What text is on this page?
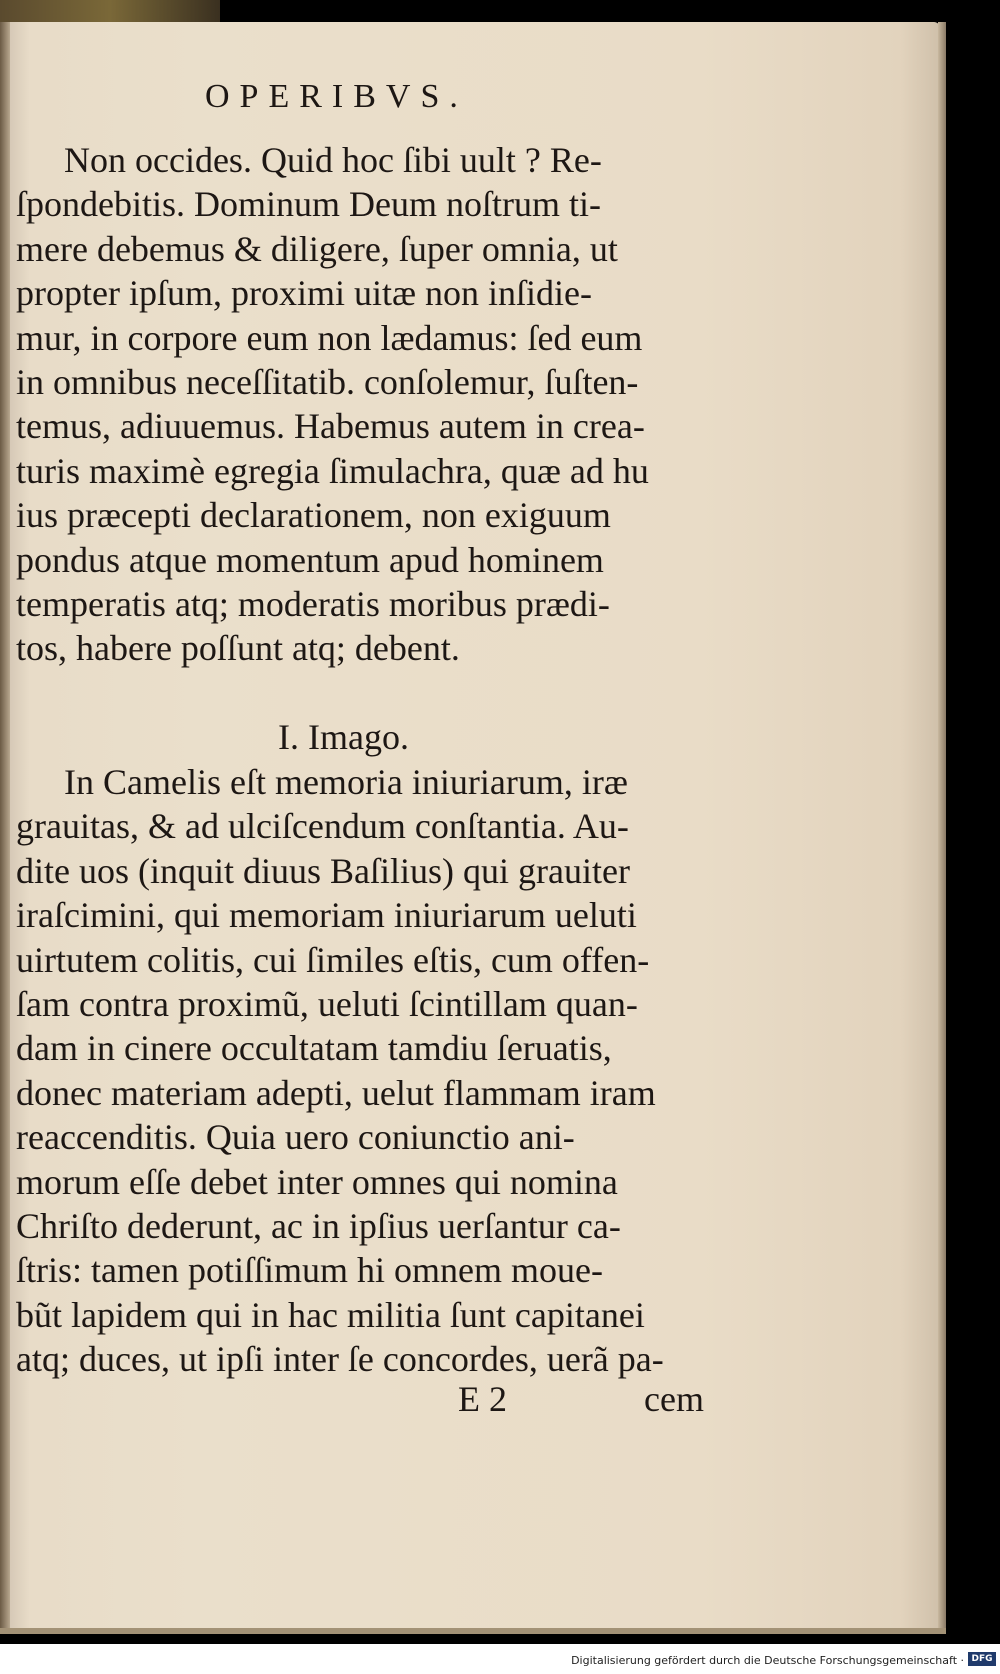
OPERIBVS.
Non occides. Quid hoc ſibi uult ? Re-
ſpondebitis. Dominum Deum noſtrum ti-
mere debemus & diligere, ſuper omnia, ut
propter ipſum, proximi uitæ non inſidie-
mur, in corpore eum non lædamus: ſed eum
in omnibus neceſſitatib. conſolemur, ſuſten-
temus, adiuuemus. Habemus autem in crea-
turis maximè egregia ſimulachra, quæ ad hu
ius præcepti declarationem, non exiguum
pondus atque momentum apud hominem
temperatis atq; moderatis moribus prædi-
tos, habere poſſunt atq; debent.
I. Imago.
In Camelis eſt memoria iniuriarum, iræ
grauitas, & ad ulciſcendum conſtantia. Au-
dite uos (inquit diuus Baſilius) qui grauiter
iraſcimini, qui memoriam iniuriarum ueluti
uirtutem colitis, cui ſimiles eſtis, cum offen-
ſam contra proximũ, ueluti ſcintillam quan-
dam in cinere occultatam tamdiu ſeruatis,
donec materiam adepti, uelut flammam iram
reaccenditis. Quia uero coniunctio ani-
morum eſſe debet inter omnes qui nomina
Chriſto dederunt, ac in ipſius uerſantur ca-
ſtris: tamen potiſſimum hi omnem moue-
bũt lapidem qui in hac militia ſunt capitanei
atq; duces, ut ipſi inter ſe concordes, uerã pa-
E 2	cem
Digitalisierung gefördert durch die Deutsche Forschungsgemeinschaft · DFG
